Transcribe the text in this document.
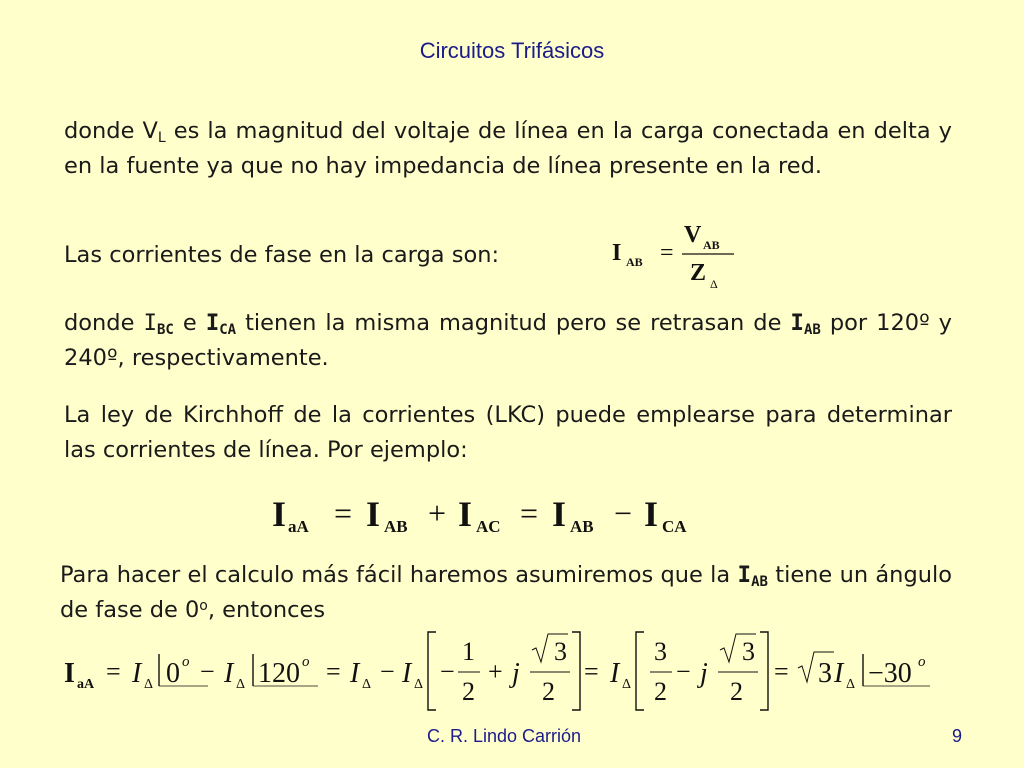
Circuitos Trifásicos
donde $V_L$ es la magnitud del voltaje de línea en la carga conectada en delta y en la fuente ya que no hay impedancia de línea presente en la red.
Las corrientes de fase en la carga son:	I AB =
V AB
Z Δ
donde $I_{BC}$ e $I_{CA}$ tienen la misma magnitud pero se retrasan de $I_{AB}$ por 120º y 240º, respectivamente.
La ley de Kirchhoff de la corrientes (LKC) puede emplearse para determinar las corrientes de línea. Por ejemplo:
I aA = I AB + I AC = I AB − I CA
Para hacer el calculo más fácil haremos asumiremos que la $I_{AB}$ tiene un ángulo de fase de 0$^o$, entonces
I aA = I Δ 0 o − I Δ 120 o = I Δ − I Δ −
1
2
+ j
3
2
= I Δ
3
2
− j
3
2
= 3 I Δ −30 o
C. R. Lindo Carrión	9
